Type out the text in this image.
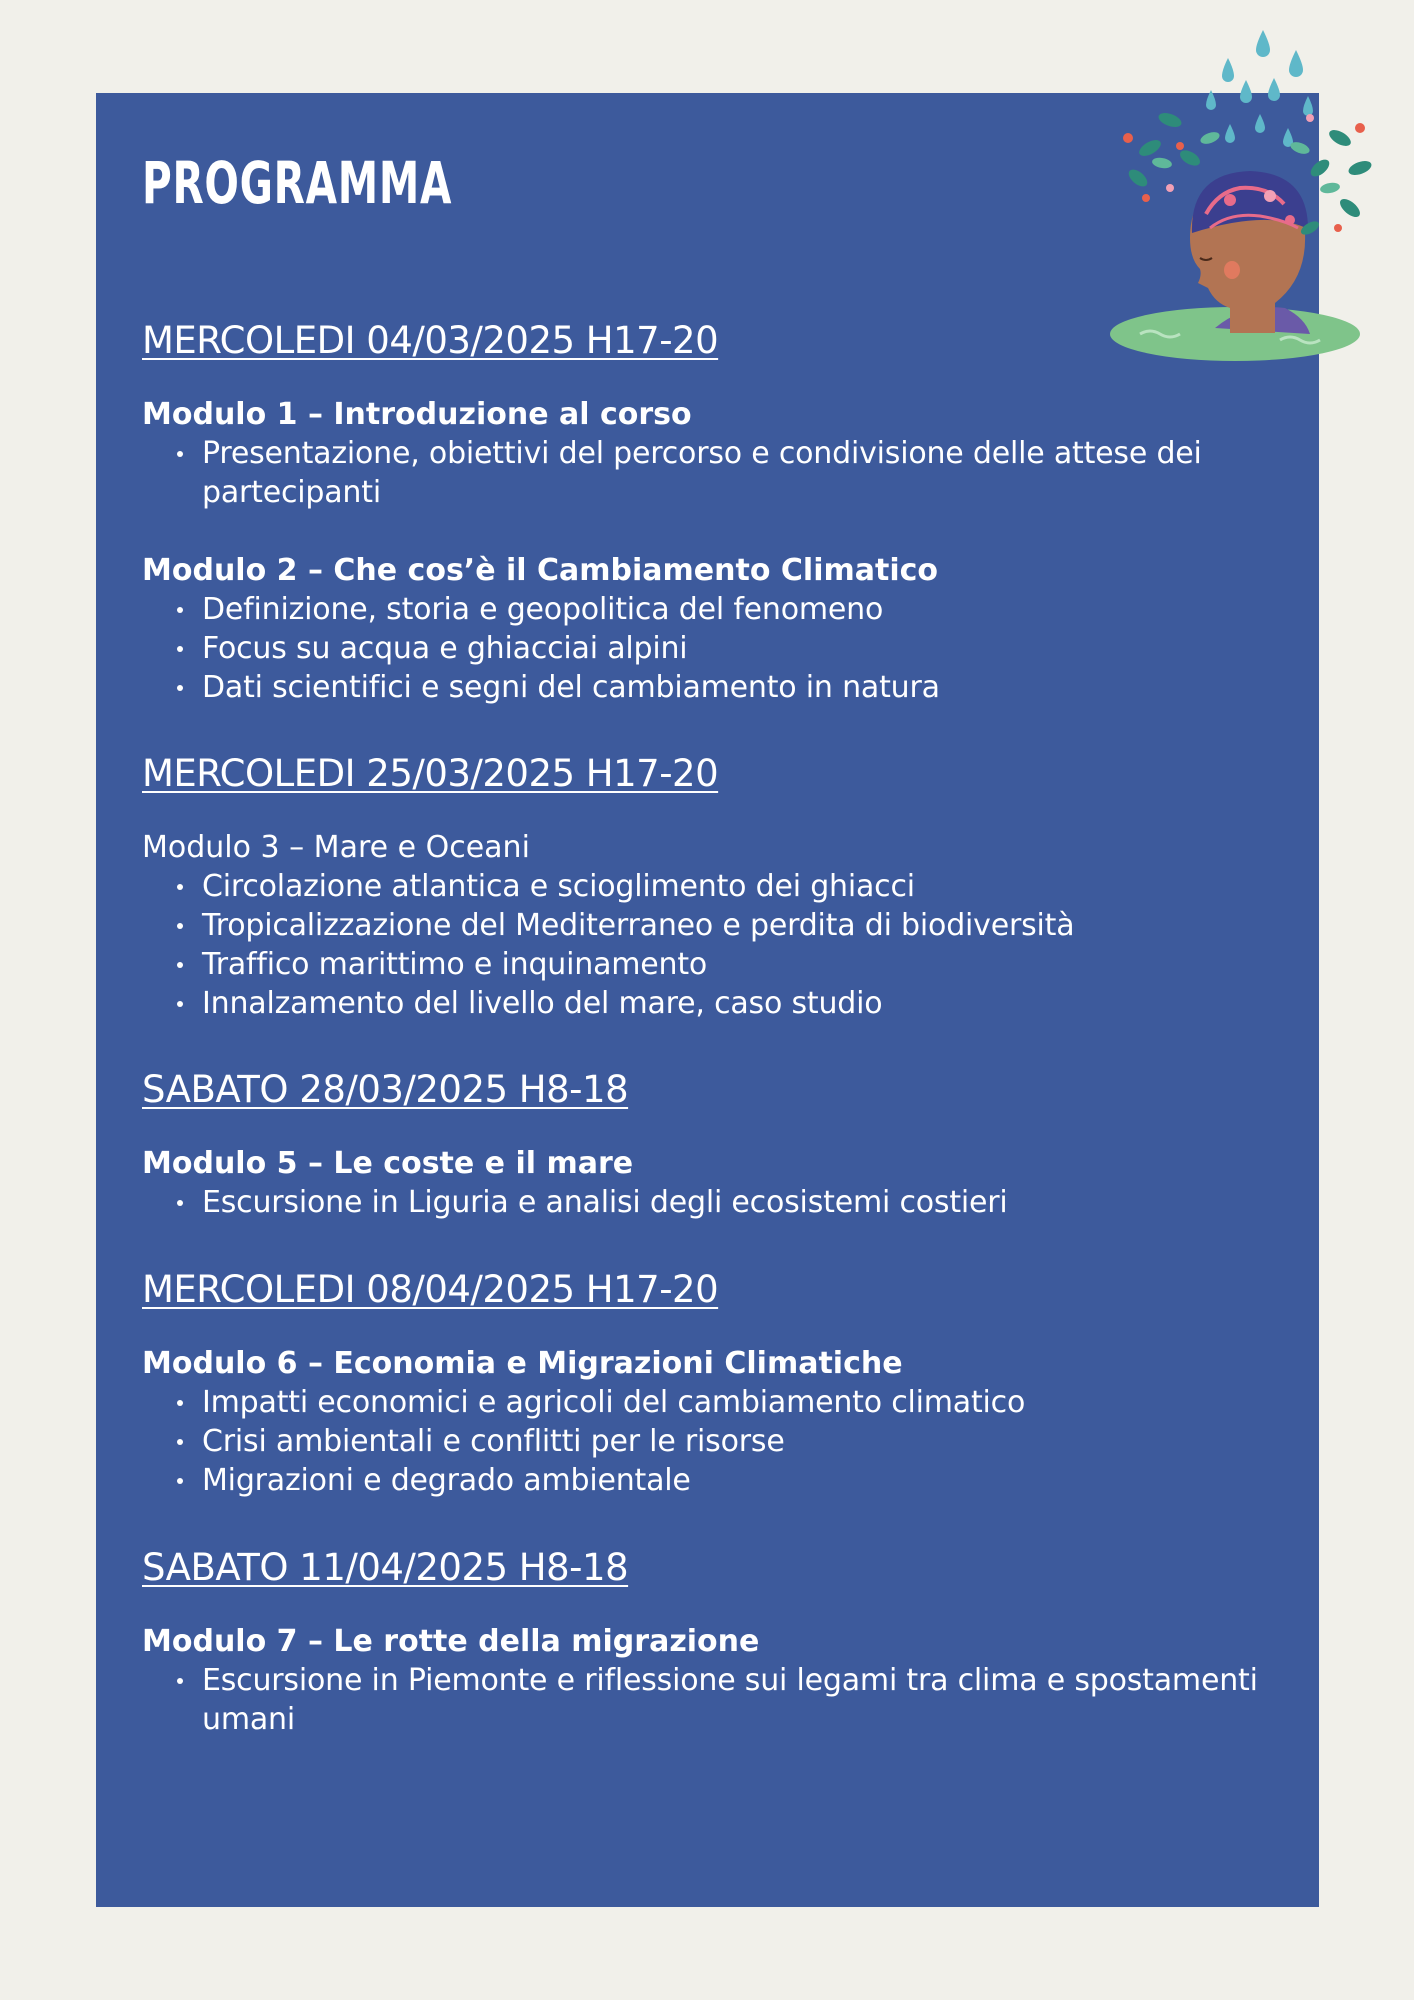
PROGRAMMA
MERCOLEDI 04/03/2025 H17-20
Modulo 1 – Introduzione al corso
Presentazione, obiettivi del percorso e condivisione delle attese dei partecipanti
Modulo 2 – Che cos’è il Cambiamento Climatico
Definizione, storia e geopolitica del fenomeno
Focus su acqua e ghiacciai alpini
Dati scientifici e segni del cambiamento in natura
MERCOLEDI 25/03/2025 H17-20
Modulo 3 – Mare e Oceani
Circolazione atlantica e scioglimento dei ghiacci
Tropicalizzazione del Mediterraneo e perdita di biodiversità
Traffico marittimo e inquinamento
Innalzamento del livello del mare, caso studio
SABATO 28/03/2025 H8-18
Modulo 5 – Le coste e il mare
Escursione in Liguria e analisi degli ecosistemi costieri
MERCOLEDI 08/04/2025 H17-20
Modulo 6 – Economia e Migrazioni Climatiche
Impatti economici e agricoli del cambiamento climatico
Crisi ambientali e conflitti per le risorse
Migrazioni e degrado ambientale
SABATO 11/04/2025 H8-18
Modulo 7 – Le rotte della migrazione
Escursione in Piemonte e riflessione sui legami tra clima e spostamenti umani
